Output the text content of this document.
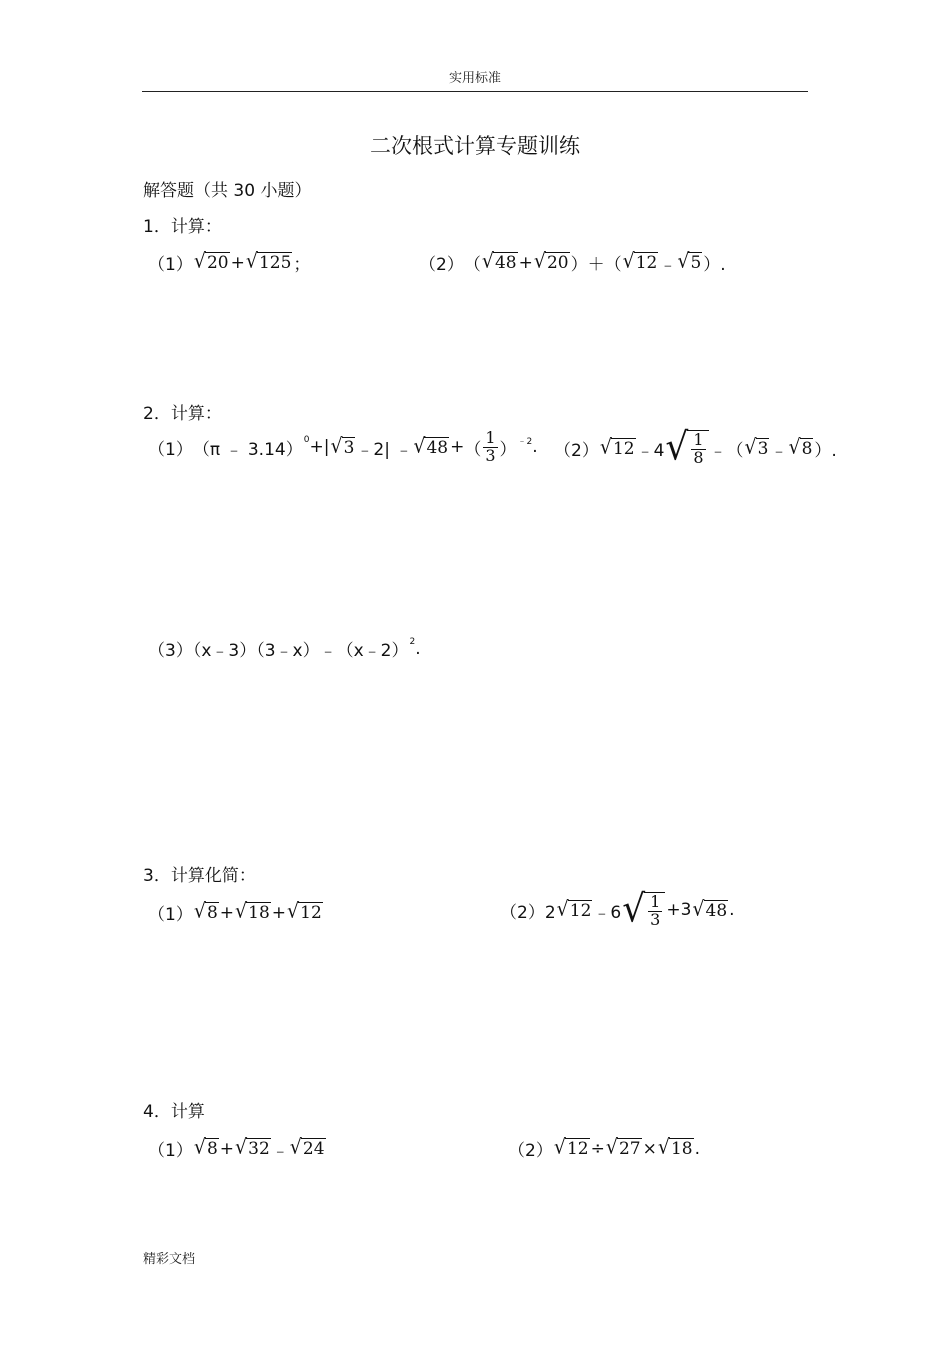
实用标准
二次根式计算专题训练
解答题（共 30 小题）
1．计算：
（1） √ 20 + √ 125 ；	（2） （ √ 48 + √ 20 ） ＋（ √ 12 ﹣ √ 5 ）.
2．计算：
（1） （π ﹣ 3.14）$^0$ +| √ 3 ﹣2| ﹣ √ 48 + （ $\frac{1}{3} )^{﹣2}$ . （2） √ 12 ﹣4 √ $\frac{1}{8}$ ﹣（ √ 3 ﹣ √ 8 ）.
（3）（x﹣3）（3﹣x）﹣（x﹣2）$^2$ .
3．计算化简：
（1） √ 8 + √ 18 + √ 12	（2）2 √ 12 ﹣6 √ $\frac{1}{3} +3$ √ 48 .
4．计算
（1） √ 8 + √ 32 ﹣ √ 24	（2） √ 12 ÷ √ 27 × √ 18 .
精彩文档
